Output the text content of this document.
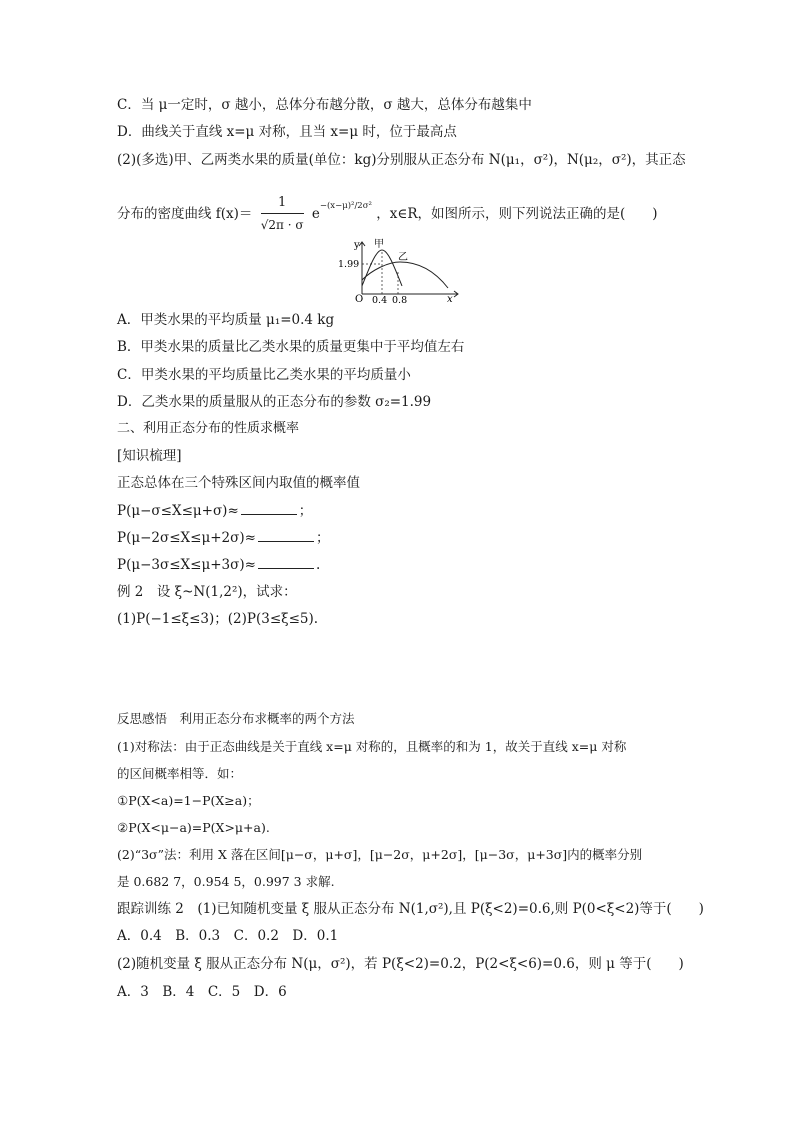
C．当 μ一定时，σ 越小，总体分布越分散，σ 越大，总体分布越集中
D．曲线关于直线 x=μ 对称，且当 x=μ 时，位于最高点
(2)(多选)甲、乙两类水果的质量(单位：kg)分别服从正态分布 N(μ₁，σ²)，N(μ₂，σ²)，其正态
分布的密度曲线 $f(x)= \frac{1}{√2\pi \cdot \sigma} e^{-(x-\mu)^2/2\sigma^2}$ ，x∈R，如图所示，则下列说法正确的是(　　)
y
x
O
1.99
0.4 0.8
甲
乙
A．甲类水果的平均质量 μ₁=0.4 kg
B．甲类水果的质量比乙类水果的质量更集中于平均值左右
C．甲类水果的平均质量比乙类水果的平均质量小
D．乙类水果的质量服从的正态分布的参数 σ₂=1.99
二、利用正态分布的性质求概率
[知识梳理]
正态总体在三个特殊区间内取值的概率值
P(μ−σ≤X≤μ+σ)≈	；
P(μ−2σ≤X≤μ+2σ)≈	；
P(μ−3σ≤X≤μ+3σ)≈	.
例 2　设 ξ~N(1,2²)，试求：
(1)P(−1≤ξ≤3)；(2)P(3≤ξ≤5).
反思感悟　利用正态分布求概率的两个方法
(1)对称法：由于正态曲线是关于直线 x=μ 对称的，且概率的和为 1，故关于直线 x=μ 对称
的区间概率相等．如：
①P(X<a)=1−P(X≥a)；
②P(X<μ−a)=P(X>μ+a).
(2)“3σ”法：利用 X 落在区间[μ−σ，μ+σ]，[μ−2σ，μ+2σ]，[μ−3σ，μ+3σ]内的概率分别
是 0.682 7，0.954 5，0.997 3 求解.
跟踪训练 2　(1)已知随机变量 ξ 服从正态分布 N(1,σ²),且 P(ξ<2)=0.6,则 P(0<ξ<2)等于(　　)
A．0.4　B．0.3　C．0.2　D．0.1
(2)随机变量 ξ 服从正态分布 N(μ，σ²)，若 P(ξ<2)=0.2，P(2<ξ<6)=0.6，则 μ 等于(　　)
A．3　B．4　C．5　D．6
